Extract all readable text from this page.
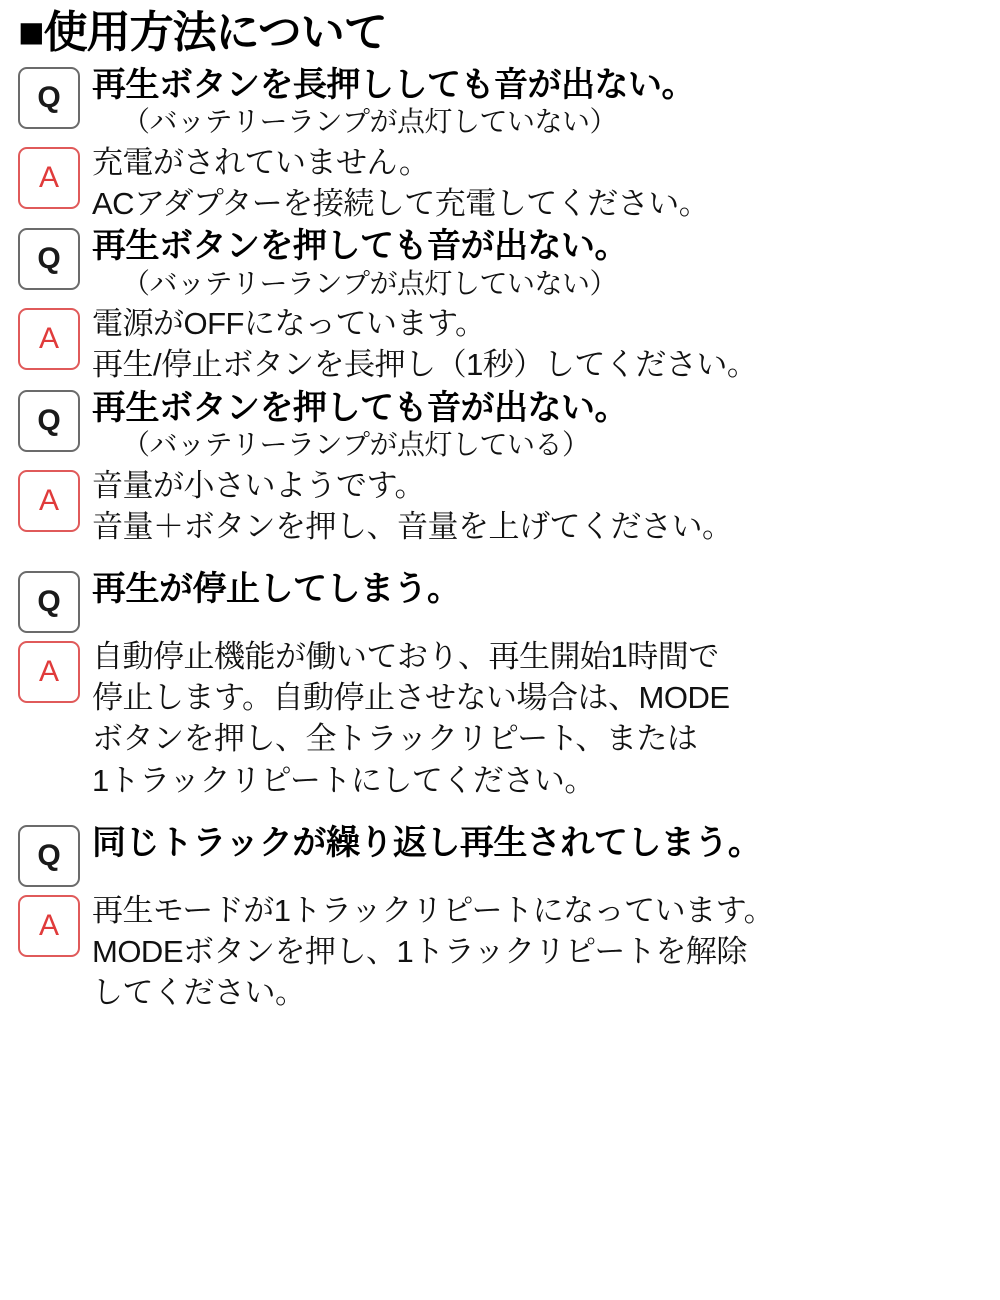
■使用方法について
Q 再生ボタンを長押ししても音が出ない。
（バッテリーランプが点灯していない）
A	充電がされていません。
ACアダプターを接続して充電してください。
Q 再生ボタンを押しても音が出ない。
（バッテリーランプが点灯していない）
A	電源がOFFになっています。
再生/停止ボタンを長押し（1秒）してください。
Q 再生ボタンを押しても音が出ない。
（バッテリーランプが点灯している）
A	音量が小さいようです。
音量＋ボタンを押し、音量を上げてください。
Q 再生が停止してしまう。
A	自動停止機能が働いており、再生開始1時間で
停止します。自動停止させない場合は、MODE
ボタンを押し、全トラックリピート、または
1トラックリピートにしてください。
Q 同じトラックが繰り返し再生されてしまう。
A	再生モードが1トラックリピートになっています。
MODEボタンを押し、1トラックリピートを解除
してください。
